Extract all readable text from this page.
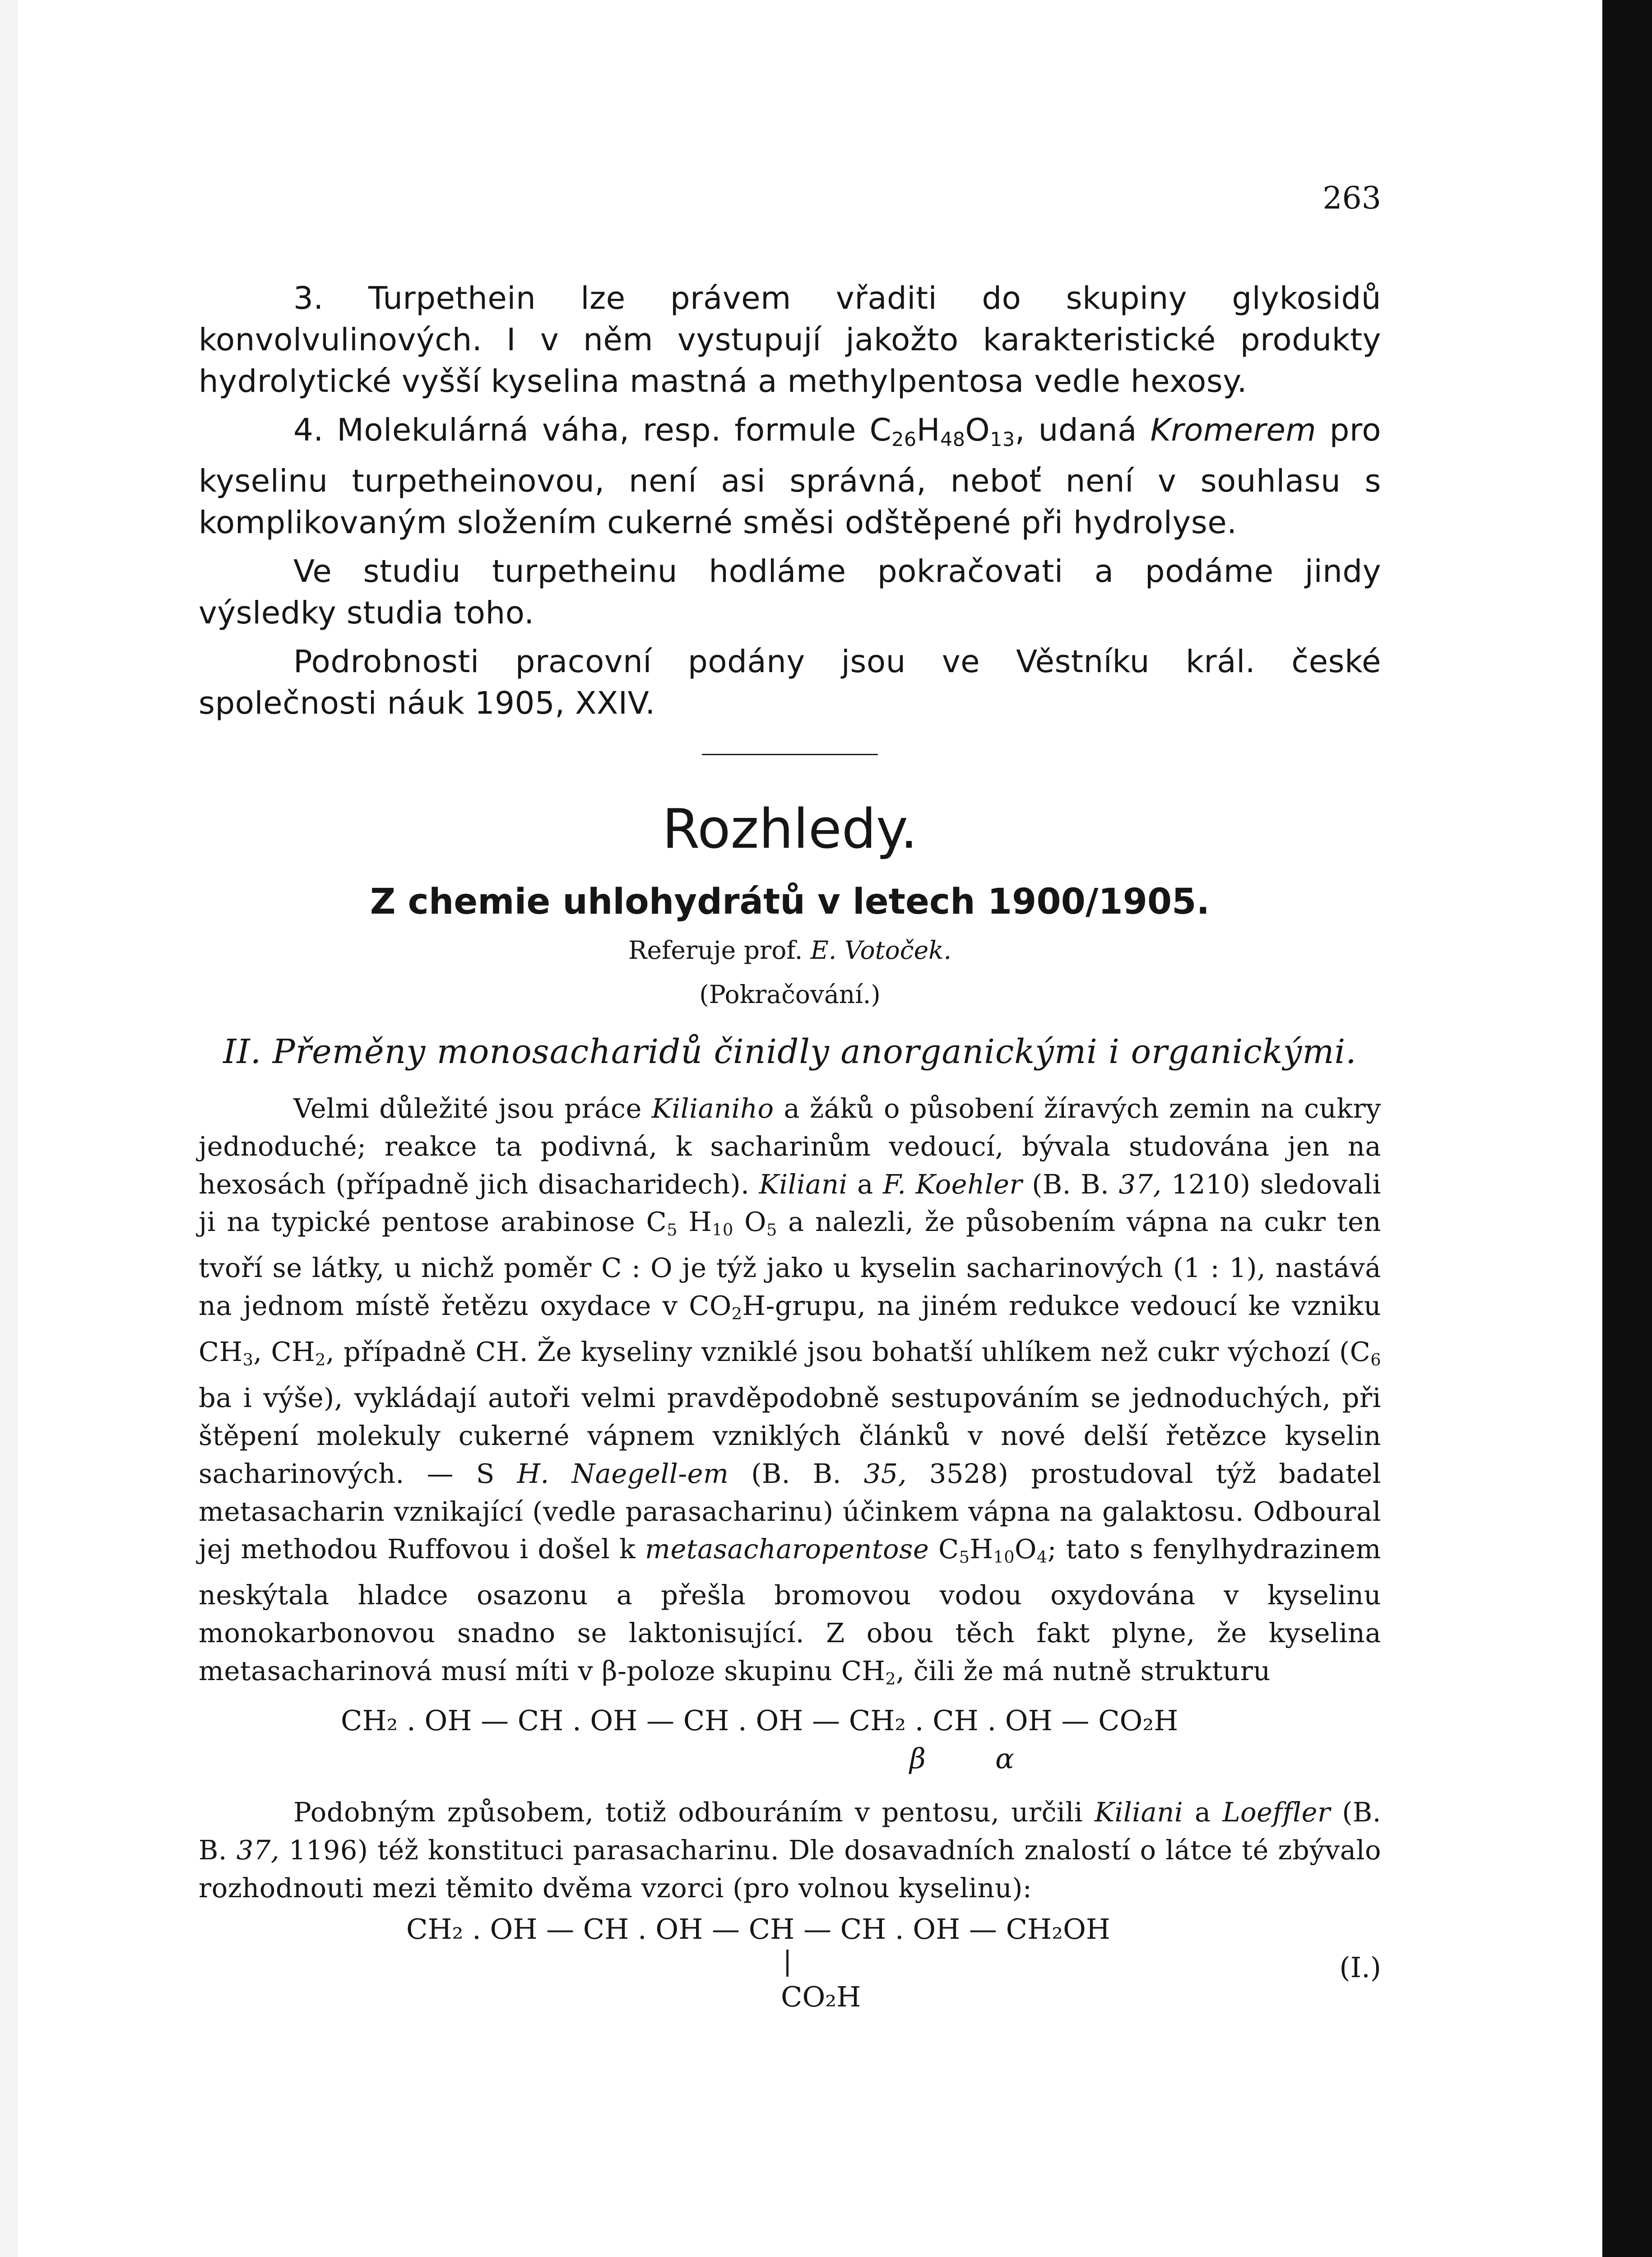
263

3. Turpethein lze právem vřaditi do skupiny glykosidů konvolvulinových. I v něm vystupují jakožto karakteristické produkty hydrolytické vyšší kyselina mastná a methylpentosa vedle hexosy.

4. Molekulárná váha, resp. formule $C_{26}H_{48}O_{13}$, udaná Kromerem pro kyselinu turpetheinovou, není asi správná, neboť není v souhlasu s komplikovaným složením cukerné směsi odštěpené při hydrolyse.

Ve studiu turpetheinu hodláme pokračovati a podáme jindy výsledky studia toho.

Podrobnosti pracovní podány jsou ve Věstníku král. české společnosti náuk 1905, XXIV.

Rozhledy.
Z chemie uhlohydrátů v letech 1900/1905.
Referuje prof. E. Votoček.
(Pokračování.)
II. Přeměny monosacharidů činidly anorganickými i organickými.

Velmi důležité jsou práce Kilianiho a žáků o působení žíravých zemin na cukry jednoduché; reakce ta podivná, k sacharinům vedoucí, bývala studována jen na hexosách (případně jich disacharidech). Kiliani a F. Koehler (B. B. 37, 1210) sledovali ji na typické pentose arabinose $C_5$ $H_{10}$ $O_5$ a nalezli, že působením vápna na cukr ten tvoří se látky, u nichž poměr C : O je týž jako u kyselin sacharinových (1 : 1), nastává na jednom místě řetězu oxydace v $CO_2H$-grupu, na jiném redukce vedoucí ke vzniku $CH_3$, $CH_2$, případně CH. Že kyseliny vzniklé jsou bohatší uhlíkem než cukr výchozí ($C_6$ ba i výše), vykládají autoři velmi pravděpodobně sestupováním se jednoduchých, při štěpení molekuly cukerné vápnem vzniklých článků v nové delší řetězce kyselin sacharinových. — S H. Naegell-em (B. B. 35, 3528) prostudoval týž badatel metasacharin vznikající (vedle parasacharinu) účinkem vápna na galaktosu. Odboural jej methodou Ruffovou i došel k metasacharopentose $C_5H_{10}O_4$; tato s fenylhydrazinem neskýtala hladce osazonu a přešla bromovou vodou oxydována v kyselinu monokarbonovou snadno se laktonisující. Z obou těch fakt plyne, že kyselina metasacharinová musí míti v β-poloze skupinu $CH_2$, čili že má nutně strukturu

CH₂ . OH — CH . OH — CH . OH — CH₂ . CH . OH — CO₂H
β α

Podobným způsobem, totiž odbouráním v pentosu, určili Kiliani a Loeffler (B. B. 37, 1196) též konstituci parasacharinu. Dle dosavadních znalostí o látce té zbývalo rozhodnouti mezi těmito dvěma vzorci (pro volnou kyselinu):

CH₂ . OH — CH . OH — CH — CH . OH — CH₂OH
CO₂H
(I.)
